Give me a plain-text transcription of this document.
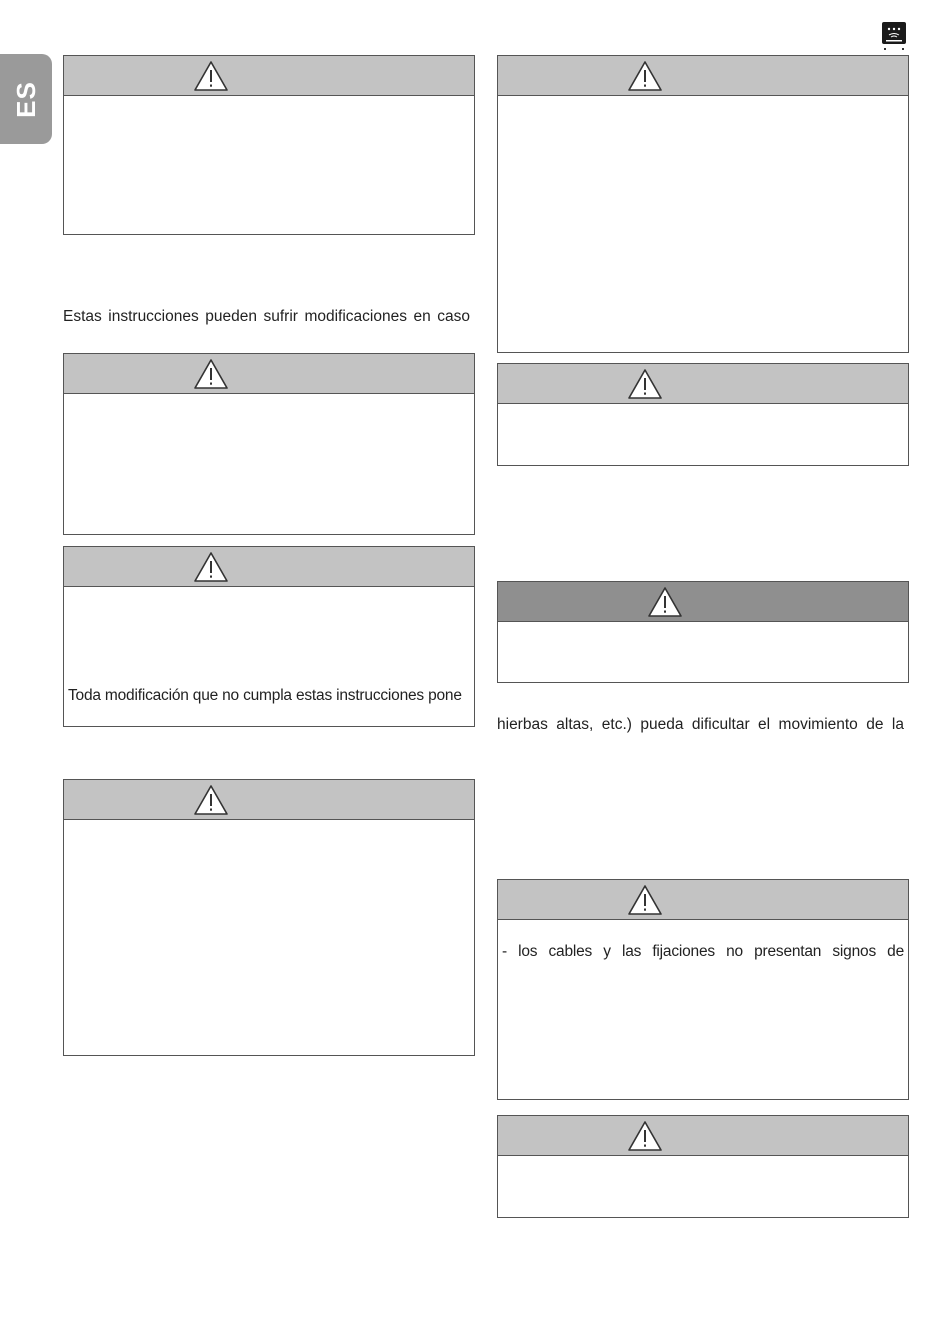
ES
Estas instrucciones pueden sufrir modificaciones en caso
Toda modificación que no cumpla estas instrucciones pone
hierbas altas, etc.) pueda dificultar el movimiento de la
- los cables y las fijaciones no presentan signos de
